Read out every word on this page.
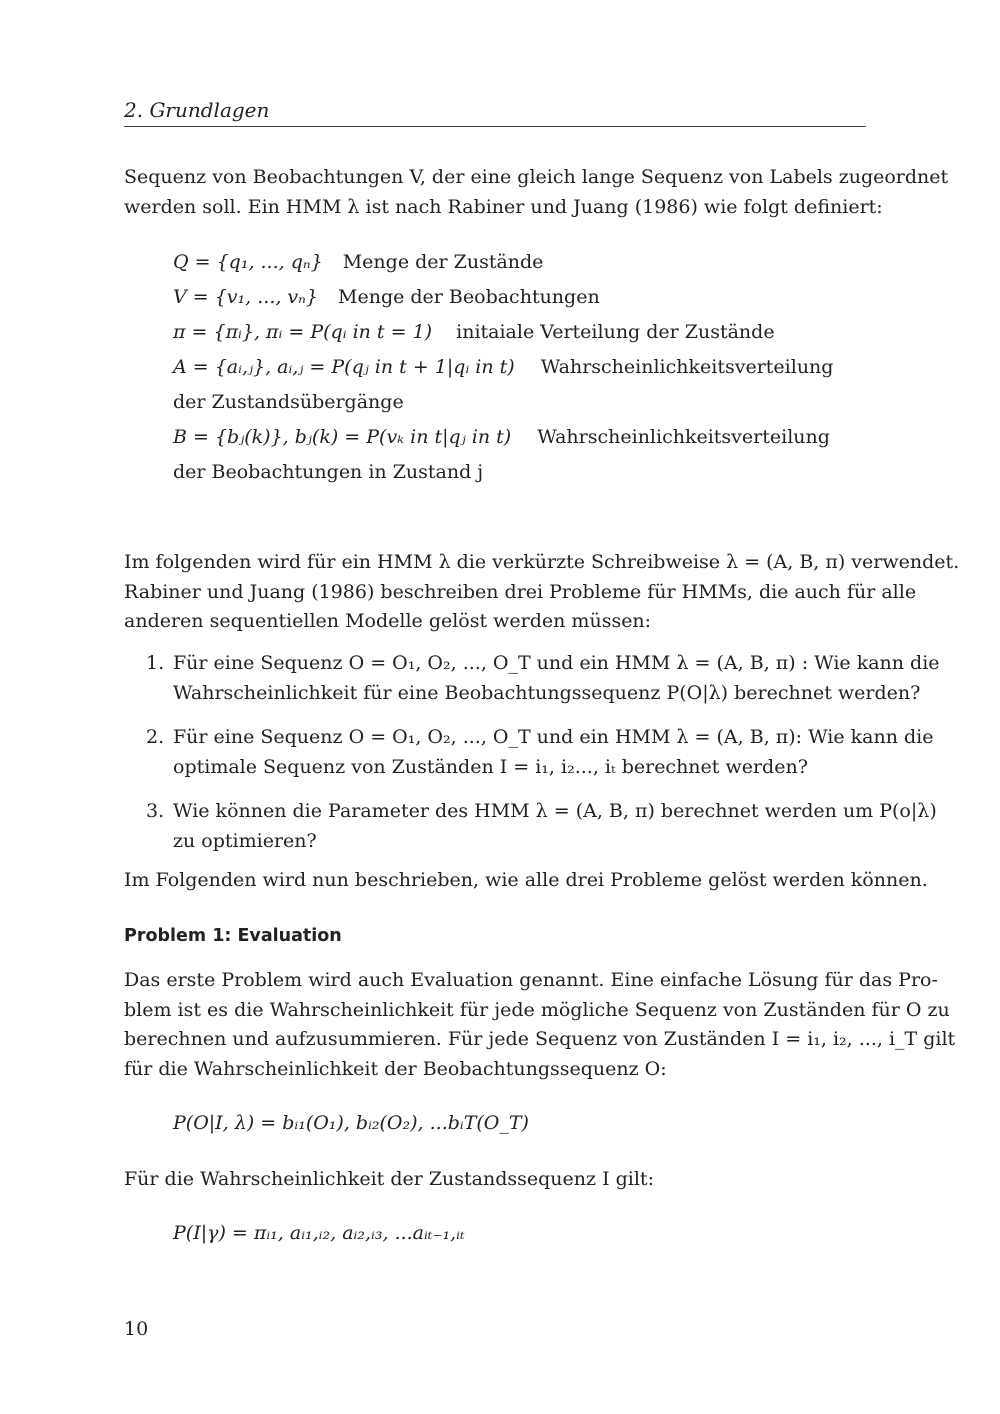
2. Grundlagen
Sequenz von Beobachtungen V, der eine gleich lange Sequenz von Labels zugeordnet
werden soll. Ein HMM λ ist nach Rabiner und Juang (1986) wie folgt definiert:
Q = {q₁, ..., qₙ} Menge der Zustände
V = {v₁, ..., vₙ} Menge der Beobachtungen
π = {πᵢ}, πᵢ = P(qᵢ in t = 1) initaiale Verteilung der Zustände
A = {aᵢ,ⱼ}, aᵢ,ⱼ = P(qⱼ in t + 1|qᵢ in t) Wahrscheinlichkeitsverteilung
der Zustandsübergänge
B = {bⱼ(k)}, bⱼ(k) = P(vₖ in t|qⱼ in t) Wahrscheinlichkeitsverteilung
der Beobachtungen in Zustand j
Im folgenden wird für ein HMM λ die verkürzte Schreibweise λ = (A, B, π) verwendet.
Rabiner und Juang (1986) beschreiben drei Probleme für HMMs, die auch für alle
anderen sequentiellen Modelle gelöst werden müssen:
1. Für eine Sequenz O = O₁, O₂, ..., O_T und ein HMM λ = (A, B, π) : Wie kann die
Wahrscheinlichkeit für eine Beobachtungssequenz P(O|λ) berechnet werden?
2. Für eine Sequenz O = O₁, O₂, ..., O_T und ein HMM λ = (A, B, π): Wie kann die
optimale Sequenz von Zuständen I = i₁, i₂..., iₜ berechnet werden?
3. Wie können die Parameter des HMM λ = (A, B, π) berechnet werden um P(o|λ)
zu optimieren?
Im Folgenden wird nun beschrieben, wie alle drei Probleme gelöst werden können.
Problem 1: Evaluation
Das erste Problem wird auch Evaluation genannt. Eine einfache Lösung für das Pro-
blem ist es die Wahrscheinlichkeit für jede mögliche Sequenz von Zuständen für O zu
berechnen und aufzusummieren. Für jede Sequenz von Zuständen I = i₁, i₂, ..., i_T gilt
für die Wahrscheinlichkeit der Beobachtungssequenz O:
P(O|I, λ) = bᵢ₁(O₁), bᵢ₂(O₂), ...bᵢT(O_T)
Für die Wahrscheinlichkeit der Zustandssequenz I gilt:
P(I|γ) = πᵢ₁, aᵢ₁,ᵢ₂, aᵢ₂,ᵢ₃, ...aᵢₜ₋₁,ᵢₜ
10
